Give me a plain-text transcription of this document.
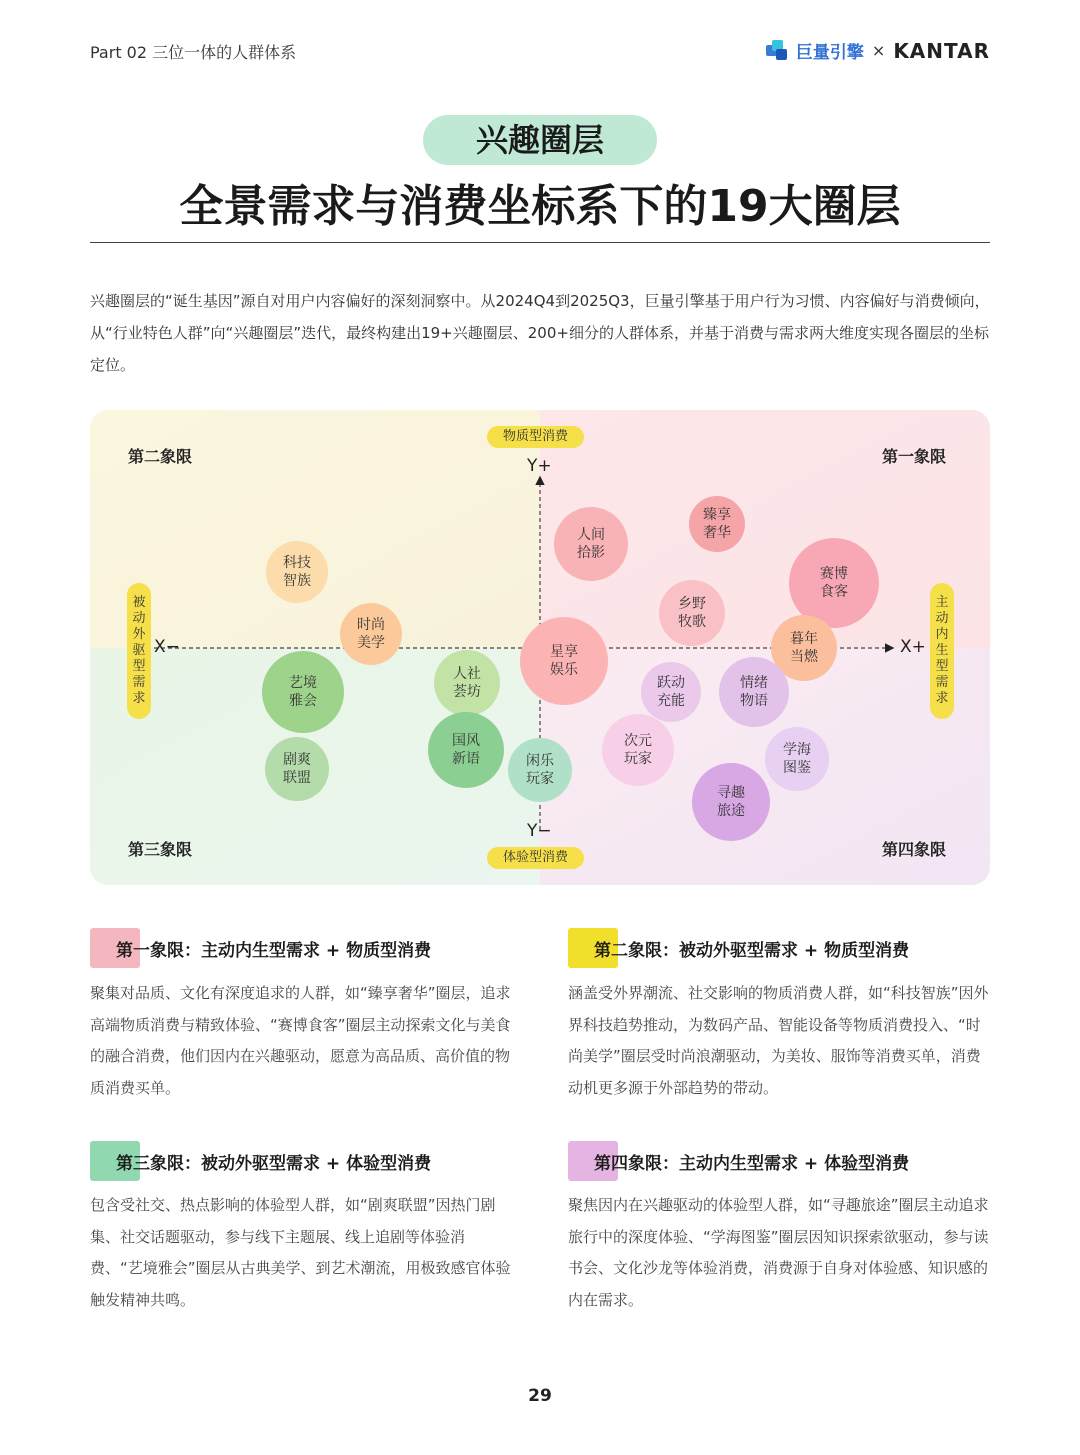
Part 02 三位一体的人群体系	巨量引擎 × KANTAR
兴趣圈层
全景需求与消费坐标系下的19大圈层
兴趣圈层的“诞生基因”源自对用户内容偏好的深刻洞察中。从2024Q4到2025Q3，巨量引擎基于用户行为习惯、内容偏好与消费倾向，从“行业特色人群”向“兴趣圈层”迭代，最终构建出19+兴趣圈层、200+细分的人群体系，并基于消费与需求两大维度实现各圈层的坐标定位。
第二象限	第一象限
第三象限	第四象限
物质型消费
体验型消费
被动外驱型需求
主动内生型需求
Y+
Y−
X−	X+
科技
智族
时尚
美学
艺境
雅会
剧爽
联盟
人社
荟坊
国风
新语	闲乐
玩家
星享
娱乐
人间
拾影
臻享
奢华
乡野
牧歌
赛博
食客
暮年
当燃
跃动
充能
情绪
物语
次元
玩家
学海
图鉴
寻趣
旅途
第一象限：主动内生型需求 + 物质型消费
聚集对品质、文化有深度追求的人群，如“臻享奢华”圈层，追求高端物质消费与精致体验、“赛博食客”圈层主动探索文化与美食的融合消费，他们因内在兴趣驱动，愿意为高品质、高价值的物质消费买单。
第二象限：被动外驱型需求 + 物质型消费
涵盖受外界潮流、社交影响的物质消费人群，如“科技智族”因外界科技趋势推动，为数码产品、智能设备等物质消费投入、“时尚美学”圈层受时尚浪潮驱动，为美妆、服饰等消费买单，消费动机更多源于外部趋势的带动。
第三象限：被动外驱型需求 + 体验型消费
包含受社交、热点影响的体验型人群，如“剧爽联盟”因热门剧集、社交话题驱动，参与线下主题展、线上追剧等体验消费、“艺境雅会”圈层从古典美学、到艺术潮流，用极致感官体验触发精神共鸣。
第四象限：主动内生型需求 + 体验型消费
聚焦因内在兴趣驱动的体验型人群，如“寻趣旅途”圈层主动追求旅行中的深度体验、“学海图鉴”圈层因知识探索欲驱动，参与读书会、文化沙龙等体验消费，消费源于自身对体验感、知识感的内在需求。
29
